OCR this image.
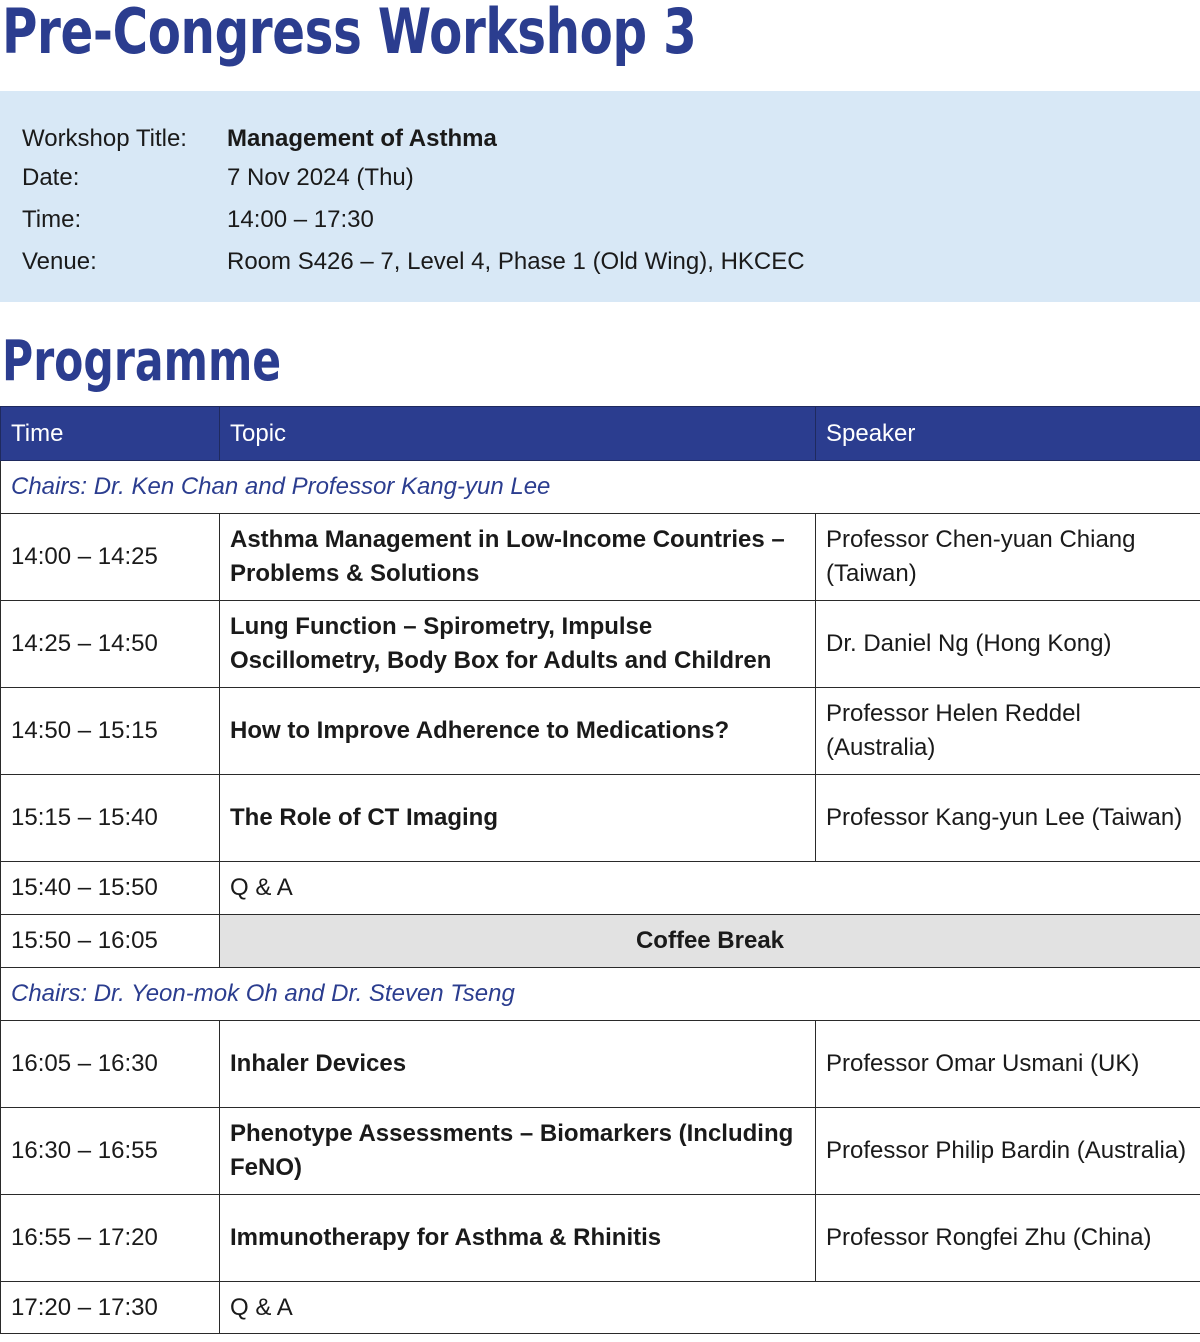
Pre-Congress Workshop 3
Workshop Title: Management of Asthma
Date:	7 Nov 2024 (Thu)
Time:	14:00 – 17:30
Venue:	Room S426 – 7, Level 4, Phase 1 (Old Wing), HKCEC
Programme
Time	Topic	Speaker
Chairs: Dr. Ken Chan and Professor Kang-yun Lee		
14:00 – 14:25	Asthma Management in Low-Income Countries – Problems & Solutions	Professor Chen-yuan Chiang (Taiwan)
14:25 – 14:50	Lung Function – Spirometry, Impulse Oscillometry, Body Box for Adults and Children	Dr. Daniel Ng (Hong Kong)
14:50 – 15:15	How to Improve Adherence to Medications?	Professor Helen Reddel (Australia)
15:15 – 15:40	The Role of CT Imaging	Professor Kang-yun Lee (Taiwan)
15:40 – 15:50	Q & A	
15:50 – 16:05	Coffee Break	
Chairs: Dr. Yeon-mok Oh and Dr. Steven Tseng		
16:05 – 16:30	Inhaler Devices	Professor Omar Usmani (UK)
16:30 – 16:55	Phenotype Assessments – Biomarkers (Including FeNO)	Professor Philip Bardin (Australia)
16:55 – 17:20	Immunotherapy for Asthma & Rhinitis	Professor Rongfei Zhu (China)
17:20 – 17:30	Q & A	
